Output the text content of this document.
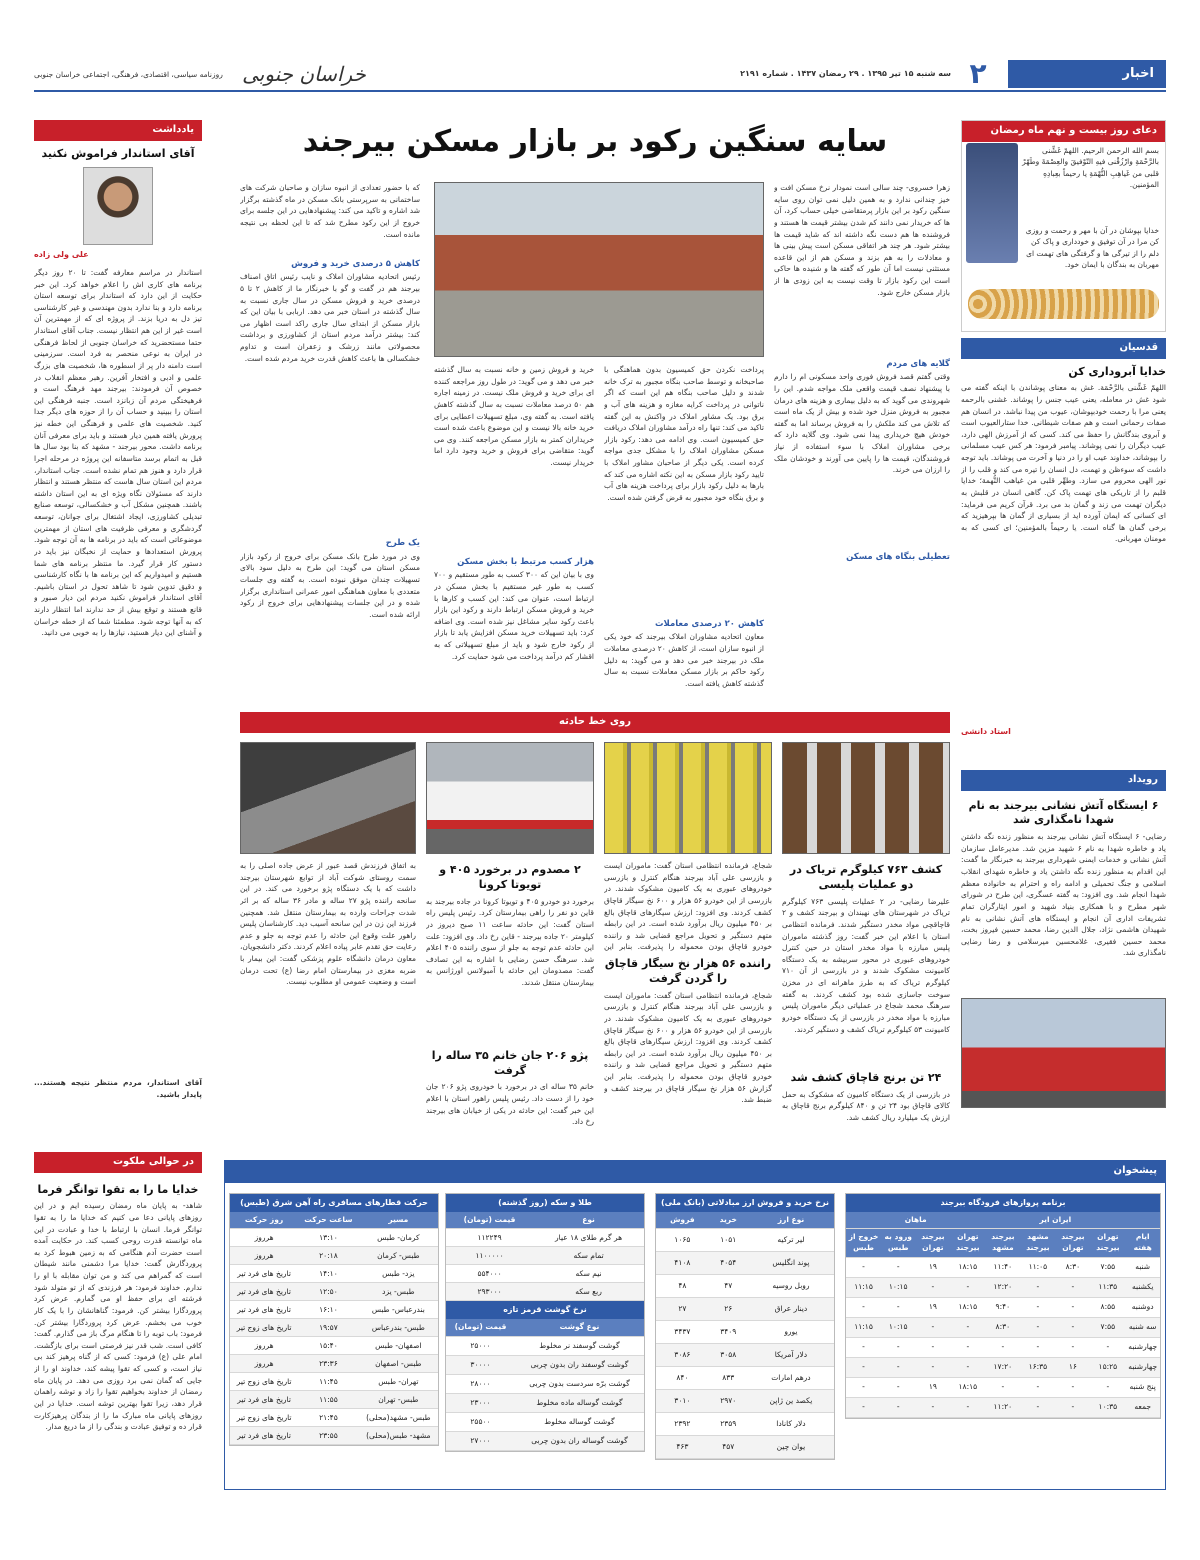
اخبار
۲
سه شنبه ۱۵ تیر ۱۳۹۵ . ۲۹ رمضان ۱۴۳۷ . شماره ۲۱۹۱
روزنامه سیاسی، اقتصادی، فرهنگی، اجتماعی خراسان جنوبی خراسان جنوبی
دعای روز بیست و نهم ماه رمضان
بسم الله الرحمن الرحیم. اللهمّ غَشِّنی بالرَّحْمَةِ وارْزُقْنی فیهِ التّوْفیقَ والعِصْمَةَ وطَهّرْ قلبی من غَیاهِبِ التُّهْمَةِ یا رحیماً بعِبادِهِ المؤمنین.
خدایا بپوشان در آن با مهر و رحمت و روزی کن مرا در آن توفیق و خودداری و پاک کن دلم را از تیرگی ها و گرفتگی های تهمت ای مهربان به بندگان با ایمان خود.
قدسیان
خدایا آبروداری کن
اللهمّ غَشِّنی بالرَّحْمَة. غش به معنای پوشاندن با اینکه گفته می شود غش در معامله، یعنی عیب جنس را پوشاند. غشنی بالرحمه یعنی مرا با رحمت خودبپوشان، عیوب من پیدا نباشد. در انسان هم صفات رحمانی است و هم صفات شیطانی. خدا ستارالعیوب است و آبروی بندگانش را حفظ می کند. کسی که از آمرزش الهی دارد، عیب دیگران را نمی پوشاند. پیامبر فرمود: هر کس عیب مسلمانی را بپوشاند، خداوند عیب او را در دنیا و آخرت می پوشاند. باید توجه داشت که سوءظن و تهمت، دل انسان را تیره می کند و قلب را از نور الهی محروم می سازد. وطهِّر قلبی من غیاهب التُّهمة؛ خدایا قلبم را از تاریکی های تهمت پاک کن. گاهی انسان در قلبش به دیگران تهمت می زند و گمان بد می برد. قرآن کریم می فرماید: ای کسانی که ایمان آورده اید از بسیاری از گمان ها بپرهیزید که برخی گمان ها گناه است. یا رحیماً بالمؤمنین؛ ای کسی که به مومنان مهربانی.
استاد دانشی
رویداد
۶ ایستگاه آتش نشانی بیرجند به نام شهدا نامگذاری شد
رضایی- ۶ ایستگاه آتش نشانی بیرجند به منظور زنده نگه داشتن یاد و خاطره شهدا به نام ۶ شهید مزین شد. مدیرعامل سازمان آتش نشانی و خدمات ایمنی شهرداری بیرجند به خبرنگار ما گفت: این اقدام به منظور زنده نگه داشتن یاد و خاطره شهدای انقلاب اسلامی و جنگ تحمیلی و ادامه راه و احترام به خانواده معظم شهدا انجام شد. وی افزود: به گفته عسگری، این طرح در شورای شهر مطرح و با همکاری بنیاد شهید و امور ایثارگران تمام تشریفات اداری آن انجام و ایستگاه های آتش نشانی به نام شهیدان هاشمی نژاد، جلال الدین رضا، محمد حسین فیروز بخت، محمد حسین فقیری، غلامحسین میرسلامی و رضا رضایی نامگذاری شد.
یادداشت
آقای استاندار فراموش نکنید
علی ولی زاده
استاندار در مراسم معارفه گفت: تا ۲۰ روز دیگر برنامه های کاری اش را اعلام خواهد کرد. این خبر حکایت از این دارد که استاندار برای توسعه استان برنامه دارد و بنا ندارد بدون مهندسی و غیر کارشناسی تیز دل به دریا بزند. از پروژه ای که از مهمترین آن است غیر از این هم انتظار نیست. جناب آقای استاندار حتما مستحضرید که خراسان جنوبی از لحاظ فرهنگی در ایران به نوعی منحصر به فرد است. سرزمینی است دامنه دار پر از اسطوره ها، شخصیت های بزرگ علمی و ادبی و افتخار آفرین. رهبر معظم انقلاب در خصوص آن فرمودند: بیرجند مهد فرهنگ است و فرهیختگی مردم آن زبانزد است. جنبه فرهنگی این استان را ببینید و حساب آن را از حوزه های دیگر جدا کنید. شخصیت های علمی و فرهنگی این خطه نیز پرورش یافته همین دیار هستند و باید برای معرفی آنان برنامه داشت. محور بیرجند - مشهد که بنا بود سال ها قبل به اتمام برسد متاسفانه این پروژه در مرحله اجرا قرار دارد و هنوز هم تمام نشده است. جناب استاندار، مردم این استان سال هاست که منتظر هستند و انتظار دارند که مسئولان نگاه ویژه ای به این استان داشته باشند. همچنین مشکل آب و خشکسالی، توسعه صنایع تبدیلی کشاورزی، ایجاد اشتغال برای جوانان، توسعه گردشگری و معرفی ظرفیت های استان از مهمترین موضوعاتی است که باید در برنامه ها به آن توجه شود. پرورش استعدادها و حمایت از نخبگان نیز باید در دستور کار قرار گیرد. ما منتظر برنامه های شما هستیم و امیدواریم که این برنامه ها با نگاه کارشناسی و دقیق تدوین شود تا شاهد تحول در استان باشیم. آقای استاندار فراموش نکنید مردم این دیار صبور و قانع هستند و توقع بیش از حد ندارند اما انتظار دارند که به آنها توجه شود. مطمئنا شما که از خطه خراسان و آشنای این دیار هستید، نیازها را به خوبی می دانید.
آقای استاندار، مردم منتظر نتیجه هستند... پایدار باشید.
در حوالی ملکوت
خدایا ما را به تقوا توانگر فرما
شاهد- به پایان ماه رمضان رسیده ایم و در این روزهای پایانی دعا می کنیم که خدایا ما را به تقوا توانگر فرما. انسان با ارتباط با خدا و عبادت در این ماه توانسته قدرت روحی کسب کند. در حکایت آمده است حضرت آدم هنگامی که به زمین هبوط کرد به پروردگارش گفت: خدایا مرا دشمنی مانند شیطان است که گمراهم می کند و من توان مقابله با او را ندارم. خداوند فرمود: هر فرزندی که از تو متولد شود فرشته ای برای حفظ او می گمارم. عرض کرد پروردگارا بیشتر کن. فرمود: گناهانشان را با یک کار خوب می بخشم. عرض کرد پروردگارا بیشتر کن. فرمود: باب توبه را تا هنگام مرگ باز می گذارم. گفت: کافی است. شب قدر نیز فرصتی است برای بازگشت. امام علی (ع) فرمود: کسی که از گناه پرهیز کند بی نیاز است، و کسی که تقوا پیشه کند، خداوند او را از جایی که گمان نمی برد روزی می دهد. در پایان ماه رمضان از خداوند بخواهیم تقوا را زاد و توشه راهمان قرار دهد، زیرا تقوا بهترین توشه است. خدایا در این روزهای پایانی ماه مبارک ما را از بندگان پرهیزکارت قرار ده و توفیق عبادت و بندگی را از ما دریغ مدار.
سایه سنگین رکود بر بازار مسکن بیرجند
زهرا خسروی- چند سالی است نمودار نرخ مسکن افت و خیز چندانی ندارد و به همین دلیل نمی توان روی سایه سنگین رکود بر این بازار پرمتقاضی خیلی حساب کرد، آن ها که خریدار نمی دانند کم شدن بیشتر قیمت ها هستند و فروشنده ها هم دست نگه داشته اند که شاید قیمت ها بیشتر شود. هر چند هر اتفاقی مسکن است پیش بینی ها و معادلات را به هم بزند و مسکن هم از این قاعده مستثنی نیست اما آن طور که گفته ها و شنیده ها حاکی است این رکود بازار تا وقت نیست به این زودی ها از بازار مسکن خارج شود.
گلایه های مردم
وقتی گفتم قصد فروش فوری واحد مسکونی ام را دارم با پیشنهاد نصف قیمت واقعی ملک مواجه شدم. این را شهروندی می گوید که به دلیل بیماری و هزینه های درمان مجبور به فروش منزل خود شده و بیش از یک ماه است که تلاش می کند ملکش را به فروش برساند اما به گفته خودش هیچ خریداری پیدا نمی شود. وی گلایه دارد که برخی مشاوران املاک با سوء استفاده از نیاز فروشندگان، قیمت ها را پایین می آورند و خودشان ملک را ارزان می خرند.
تعطیلی بنگاه های مسکن
پرداخت نکردن حق کمیسیون بدون هماهنگی با صاحبخانه و توسط صاحب بنگاه مجبور به ترک خانه شدند و دلیل صاحب بنگاه هم این است که اگر ناتوانی در پرداخت کرایه مغازه و هزینه های آب و برق بود. یک مشاور املاک در واکنش به این گفته تاکید می کند: تنها راه درآمد مشاوران املاک دریافت حق کمیسیون است. وی ادامه می دهد: رکود بازار مسکن مشاوران املاک را با مشکل جدی مواجه کرده است. یکی دیگر از صاحبان مشاور املاک با تایید رکود بازار مسکن به این نکته اشاره می کند که بارها به دلیل رکود بازار برای پرداخت هزینه های آب و برق بنگاه خود مجبور به قرض گرفتن شده است.
کاهش ۲۰ درصدی معاملات
معاون اتحادیه مشاوران املاک بیرجند که خود یکی از انبوه سازان است، از کاهش ۲۰ درصدی معاملات ملک در بیرجند خبر می دهد و می گوید: به دلیل رکود حاکم بر بازار مسکن معاملات نسبت به سال گذشته کاهش یافته است.
خرید و فروش زمین و خانه نسبت به سال گذشته خبر می دهد و می گوید: در طول روز مراجعه کننده ای برای خرید و فروش ملک نیست. در زمینه اجاره هم ۵۰ درصد معاملات نسبت به سال گذشته کاهش یافته است. به گفته وی، مبلغ تسهیلات اعطایی برای خرید خانه بالا نیست و این موضوع باعث شده است خریداران کمتر به بازار مسکن مراجعه کنند. وی می گوید: متقاضی برای فروش و خرید وجود دارد اما خریدار نیست.
هزار کسب مرتبط با بخش مسکن
وی با بیان این که ۳۰۰ کسب به طور مستقیم و ۷۰۰ کسب به طور غیر مستقیم با بخش مسکن در ارتباط است، عنوان می کند: این کسب و کارها با خرید و فروش مسکن ارتباط دارند و رکود این بازار باعث رکود سایر مشاغل نیز شده است. وی اضافه کرد: باید تسهیلات خرید مسکن افزایش یابد تا بازار از رکود خارج شود و باید از مبلغ تسهیلاتی که به اقشار کم درآمد پرداخت می شود حمایت کرد.
که با حضور تعدادی از انبوه سازان و صاحبان شرکت های ساختمانی به سرپرستی بانک مسکن در ماه گذشته برگزار شد اشاره و تاکید می کند: پیشنهادهایی در این جلسه برای خروج از این رکود مطرح شد که تا این لحظه بی نتیجه مانده است.
کاهش ۵ درصدی خرید و فروش
رئیس اتحادیه مشاوران املاک و نایب رئیس اتاق اصناف بیرجند هم در گفت و گو با خبرنگار ما از کاهش ۲ تا ۵ درصدی خرید و فروش مسکن در سال جاری نسبت به سال گذشته در استان خبر می دهد. اربابی با بیان این که بازار مسکن از ابتدای سال جاری راکد است اظهار می کند: بیشتر درآمد مردم استان از کشاورزی و برداشت محصولاتی مانند زرشک و زعفران است و تداوم خشکسالی ها باعث کاهش قدرت خرید مردم شده است.
یک طرح
وی در مورد طرح بانک مسکن برای خروج از رکود بازار مسکن استان می گوید: این طرح به دلیل سود بالای تسهیلات چندان موفق نبوده است. به گفته وی جلسات متعددی با معاون هماهنگی امور عمرانی استانداری برگزار شده و در این جلسات پیشنهادهایی برای خروج از رکود ارائه شده است.
روی خط حادثه
کشف ۷۶۳ کیلوگرم تریاک در دو عملیات پلیسی
علیرضا رضایی- در ۲ عملیات پلیسی ۷۶۳ کیلوگرم تریاک در شهرستان های نهبندان و بیرجند کشف و ۲ قاچاقچی مواد مخدر دستگیر شدند. فرمانده انتظامی استان با اعلام این خبر گفت: روز گذشته ماموران پلیس مبارزه با مواد مخدر استان در حین کنترل خودروهای عبوری در محور سربیشه به یک دستگاه کامیونت مشکوک شدند و در بازرسی از آن ۷۱۰ کیلوگرم تریاک که به طرز ماهرانه ای در مخزن سوخت جاسازی شده بود کشف کردند. به گفته سرهنگ محمد شجاع در عملیاتی دیگر ماموران پلیس مبارزه با مواد مخدر در بازرسی از یک دستگاه خودرو کامیونت ۵۳ کیلوگرم تریاک کشف و دستگیر کردند.
۲۴ تن برنج قاچاق کشف شد
در بازرسی از یک دستگاه کامیون که مشکوک به حمل کالای قاچاق بود ۲۴ تن و ۸۴۰ کیلوگرم برنج قاچاق به ارزش یک میلیارد ریال کشف شد.
شجاع، فرمانده انتظامی استان گفت: ماموران ایست و بازرسی علی آباد بیرجند هنگام کنترل و بازرسی خودروهای عبوری به یک کامیون مشکوک شدند. در بازرسی از این خودرو ۵۶ هزار و ۶۰۰ نخ سیگار قاچاق کشف کردند. وی افزود: ارزش سیگارهای قاچاق بالغ بر ۴۵۰ میلیون ریال برآورد شده است. در این رابطه متهم دستگیر و تحویل مراجع قضایی شد و راننده خودرو قاچاق بودن محموله را پذیرفت. بنابر این
راننده ۵۶ هزار نخ سیگار قاچاق را گردن گرفت
شجاع، فرمانده انتظامی استان گفت: ماموران ایست و بازرسی علی آباد بیرجند هنگام کنترل و بازرسی خودروهای عبوری به یک کامیون مشکوک شدند. در بازرسی از این خودرو ۵۶ هزار و ۶۰۰ نخ سیگار قاچاق کشف کردند. وی افزود: ارزش سیگارهای قاچاق بالغ بر ۴۵۰ میلیون ریال برآورد شده است. در این رابطه متهم دستگیر و تحویل مراجع قضایی شد و راننده خودرو قاچاق بودن محموله را پذیرفت. بنابر این گزارش ۵۶ هزار نخ سیگار قاچاق در بیرجند کشف و ضبط شد.
۲ مصدوم در برخورد ۴۰۵ و تویوتا کرونا
برخورد دو خودرو ۴۰۵ و تویوتا کرونا در جاده بیرجند به قاین دو نفر را راهی بیمارستان کرد. رئیس پلیس راه استان گفت: این حادثه ساعت ۱۱ صبح دیروز در کیلومتر ۲۰ جاده بیرجند - قاین رخ داد. وی افزود: علت این حادثه عدم توجه به جلو از سوی راننده ۴۰۵ اعلام شد. سرهنگ حسن رضایی با اشاره به این تصادف گفت: مصدومان این حادثه با آمبولانس اورژانس به بیمارستان منتقل شدند.
پژو ۲۰۶ جان خانم ۳۵ ساله را گرفت
خانم ۳۵ ساله ای در برخورد با خودروی پژو ۲۰۶ جان خود را از دست داد. رئیس پلیس راهور استان با اعلام این خبر گفت: این حادثه در یکی از خیابان های بیرجند رخ داد.
به اتفاق فرزندش قصد عبور از عرض جاده اصلی را به سمت روستای شوکت آباد از توابع شهرستان بیرجند داشت که با یک دستگاه پژو برخورد می کند. در این سانحه راننده پژو ۲۷ ساله و مادر ۳۶ ساله که بر اثر شدت جراحات وارده به بیمارستان منتقل شد. همچنین فرزند این زن در این سانحه آسیب دید. کارشناسان پلیس راهور علت وقوع این حادثه را عدم توجه به جلو و عدم رعایت حق تقدم عابر پیاده اعلام کردند. دکتر دانشجویان، معاون درمان دانشگاه علوم پزشکی گفت: این بیمار با ضربه مغزی در بیمارستان امام رضا (ع) تحت درمان است و وضعیت عمومی او مطلوب نیست.
پیشخوان
برنامه پروازهای فرودگاه بیرجند
	ایران ایر				ماهان			
ایام هفته	تهران بیرجند	بیرجند تهران	مشهد بیرجند	بیرجند مشهد	تهران بیرجند	بیرجند تهران	ورود به طبس	خروج از طبس
شنبه	۷:۵۵	۸:۳۰	۱۱:۰۵	۱۱:۴۰	۱۸:۱۵	۱۹	-	-
یکشنبه	۱۱:۳۵	-	-	۱۲:۲۰	-	-	۱۰:۱۵	۱۱:۱۵
دوشنبه	۸:۵۵	-	-	۹:۴۰	۱۸:۱۵	۱۹	-	-
سه شنبه	۷:۵۵	-	-	۸:۳۰	-	-	۱۰:۱۵	۱۱:۱۵
چهارشنبه	-	-	-	-	-	-	-	-
چهارشنبه	۱۵:۲۵	۱۶	۱۶:۳۵	۱۷:۲۰	-	-	-	-
پنج شنبه	-	-	-	-	۱۸:۱۵	۱۹	-	-
جمعه	۱۰:۳۵	-	-	۱۱:۲۰	-	-	-	-
نرخ خرید و فروش ارز مبادلاتی (بانک ملی)
نوع ارز	خرید	فروش
لیر ترکیه	۱۰۵۱	۱۰۶۵
پوند انگلیس	۴۰۵۴	۴۱۰۸
روبل روسیه	۴۷	۴۸
دینار عراق	۲۶	۲۷
یورو	۳۴۰۹	۳۴۳۷
دلار آمریکا	۳۰۵۸	۳۰۸۶
درهم امارات	۸۳۳	۸۴۰
یکصد ین ژاپن	۲۹۷۰	۳۰۱۰
دلار کانادا	۲۳۵۹	۲۳۹۲
یوان چین	۴۵۷	۴۶۳
طلا و سکه (روز گذشته)
نوع	قیمت (تومان)
هر گرم طلای ۱۸ عیار	۱۱۲۲۴۹
تمام سکه	۱۱۰۰۰۰۰
نیم سکه	۵۵۴۰۰۰
ربع سکه	۲۹۳۰۰۰
نرخ گوشت قرمز تازه
نوع گوشت	قیمت (تومان)
گوشت گوسفند نر مخلوط	۲۵۰۰۰
گوشت گوسفند ران بدون چربی	۳۰۰۰۰
گوشت برّه سردست بدون چربی	۲۸۰۰۰
گوشت گوساله ماده مخلوط	۲۳۰۰۰
گوشت گوساله مخلوط	۲۵۵۰۰
گوشت گوساله ران بدون چربی	۲۷۰۰۰
حرکت قطارهای مسافری راه آهن شرق (طبس)
مسیر	ساعت حرکت	روز حرکت
کرمان- طبس	۱۳:۱۰	هرروز
طبس- کرمان	۲۰:۱۸	هرروز
یزد- طبس	۱۴:۱۰	تاریخ های فرد تیر
طبس- یزد	۱۲:۵۰	تاریخ های فرد تیر
بندرعباس- طبس	۱۶:۱۰	تاریخ های فرد تیر
طبس- بندرعباس	۱۹:۵۷	تاریخ های زوج تیر
اصفهان- طبس	۱۵:۴۰	هرروز
طبس- اصفهان	۲۳:۳۶	هرروز
تهران- طبس	۱۱:۴۵	تاریخ های زوج تیر
طبس- تهران	۱۱:۵۵	تاریخ های فرد تیر
طبس- مشهد(محلی)	۲۱:۴۵	تاریخ های زوج تیر
مشهد- طبس(محلی)	۲۳:۵۵	تاریخ های فرد تیر
